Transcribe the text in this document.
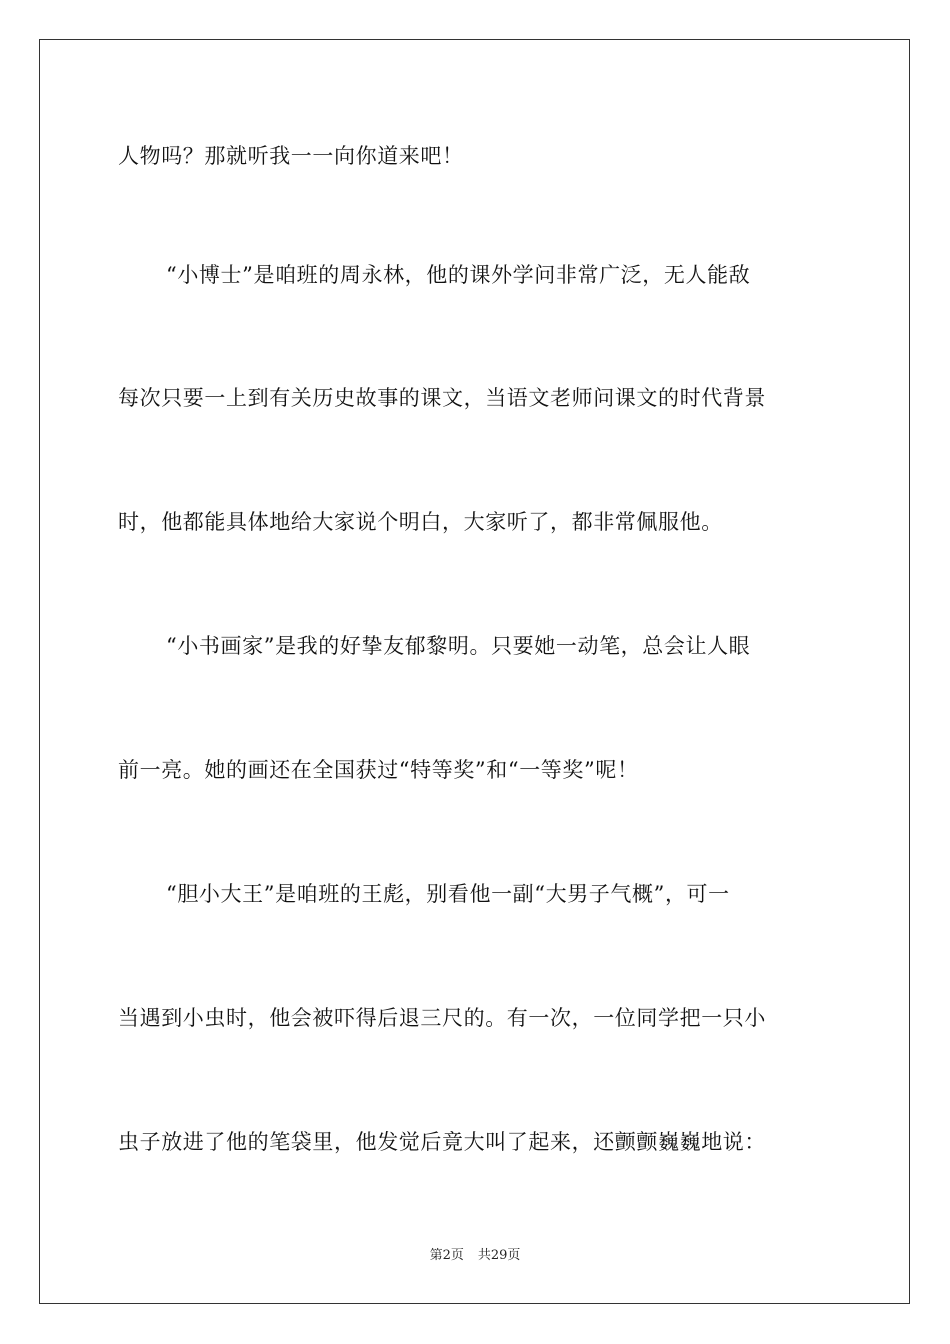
人物吗？那就听我一一向你道来吧！
“小博士”是咱班的周永林，他的课外学问非常广泛，无人能敌
每次只要一上到有关历史故事的课文，当语文老师问课文的时代背景
时，他都能具体地给大家说个明白，大家听了，都非常佩服他。
“小书画家”是我的好挚友郁黎明。只要她一动笔，总会让人眼
前一亮。她的画还在全国获过“特等奖”和“一等奖”呢！
“胆小大王”是咱班的王彪，别看他一副“大男子气概”，可一
当遇到小虫时，他会被吓得后退三尺的。有一次，一位同学把一只小
虫子放进了他的笔袋里，他发觉后竟大叫了起来，还颤颤巍巍地说：
第2页 共29页
